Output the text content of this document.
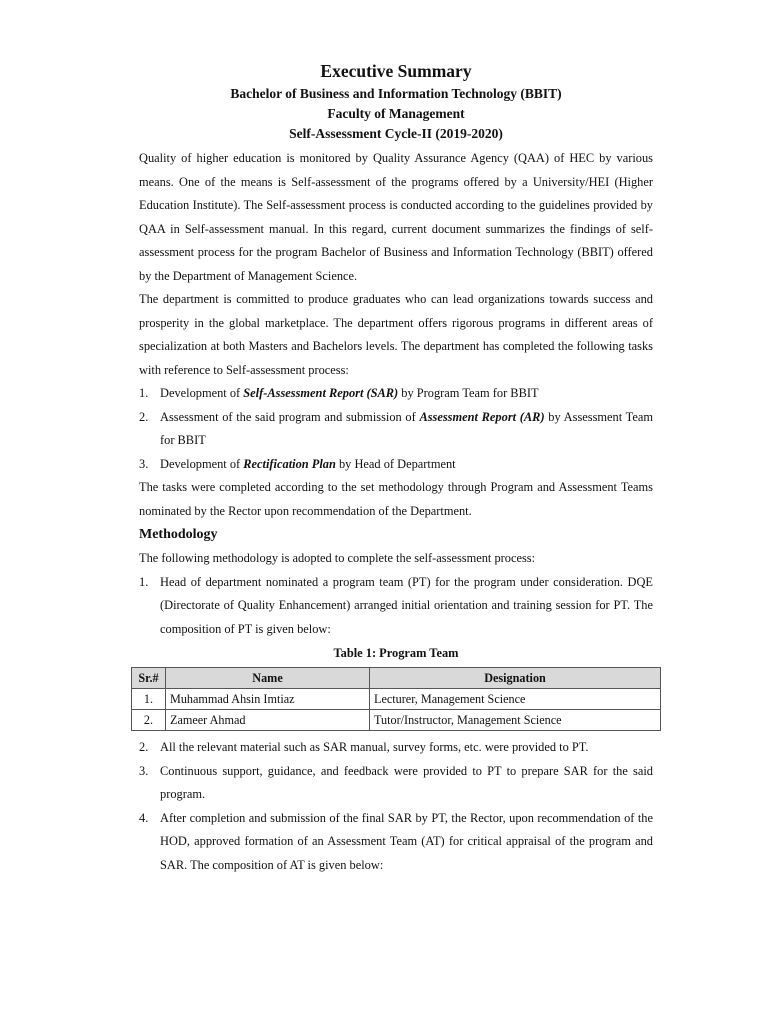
Executive Summary

Bachelor of Business and Information Technology (BBIT)

Faculty of Management

Self-Assessment Cycle-II (2019-2020)

Quality of higher education is monitored by Quality Assurance Agency (QAA) of HEC by various means. One of the means is Self-assessment of the programs offered by a University/HEI (Higher Education Institute). The Self-assessment process is conducted according to the guidelines provided by QAA in Self-assessment manual. In this regard, current document summarizes the findings of self-assessment process for the program Bachelor of Business and Information Technology (BBIT) offered by the Department of Management Science.

The department is committed to produce graduates who can lead organizations towards success and prosperity in the global marketplace. The department offers rigorous programs in different areas of specialization at both Masters and Bachelors levels. The department has completed the following tasks with reference to Self-assessment process:

1. Development of Self-Assessment Report (SAR) by Program Team for BBIT
2. Assessment of the said program and submission of Assessment Report (AR) by Assessment Team for BBIT
3. Development of Rectification Plan by Head of Department

The tasks were completed according to the set methodology through Program and Assessment Teams nominated by the Rector upon recommendation of the Department.

Methodology

The following methodology is adopted to complete the self-assessment process:

1. Head of department nominated a program team (PT) for the program under consideration. DQE (Directorate of Quality Enhancement) arranged initial orientation and training session for PT. The composition of PT is given below:

Table 1: Program Team

Sr.#	Name	Designation
1.	Muhammad Ahsin Imtiaz	Lecturer, Management Science
2.	Zameer Ahmad	Tutor/Instructor, Management Science
2. All the relevant material such as SAR manual, survey forms, etc. were provided to PT.
3. Continuous support, guidance, and feedback were provided to PT to prepare SAR for the said program.
4. After completion and submission of the final SAR by PT, the Rector, upon recommendation of the HOD, approved formation of an Assessment Team (AT) for critical appraisal of the program and SAR. The composition of AT is given below:
